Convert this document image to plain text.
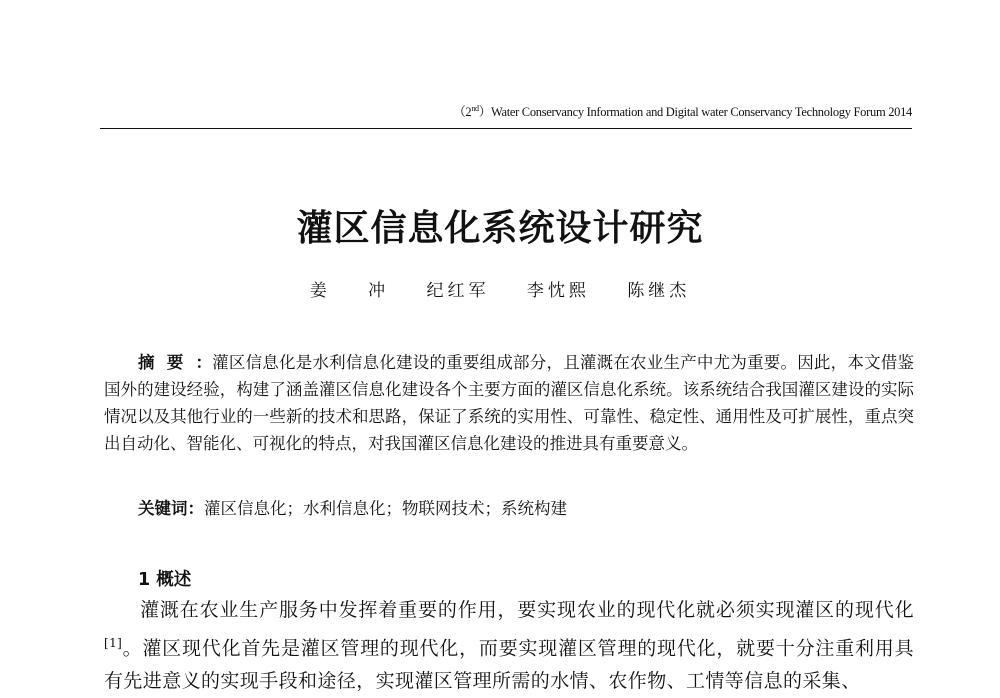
（2nd）Water Conservancy Information and Digital water Conservancy Technology Forum 2014
灌区信息化系统设计研究
姜 冲 纪红军 李忱熙 陈继杰
摘要：灌区信息化是水利信息化建设的重要组成部分，且灌溉在农业生产中尤为重要。因此，本文借鉴国外的建设经验，构建了涵盖灌区信息化建设各个主要方面的灌区信息化系统。该系统结合我国灌区建设的实际情况以及其他行业的一些新的技术和思路，保证了系统的实用性、可靠性、稳定性、通用性及可扩展性，重点突出自动化、智能化、可视化的特点，对我国灌区信息化建设的推进具有重要意义。
关键词：灌区信息化；水利信息化；物联网技术；系统构建
1 概述
灌溉在农业生产服务中发挥着重要的作用，要实现农业的现代化就必须实现灌区的现代化[1]。灌区现代化首先是灌区管理的现代化，而要实现灌区管理的现代化，就要十分注重利用具有先进意义的实现手段和途径，实现灌区管理所需的水情、农作物、工情等信息的采集、
